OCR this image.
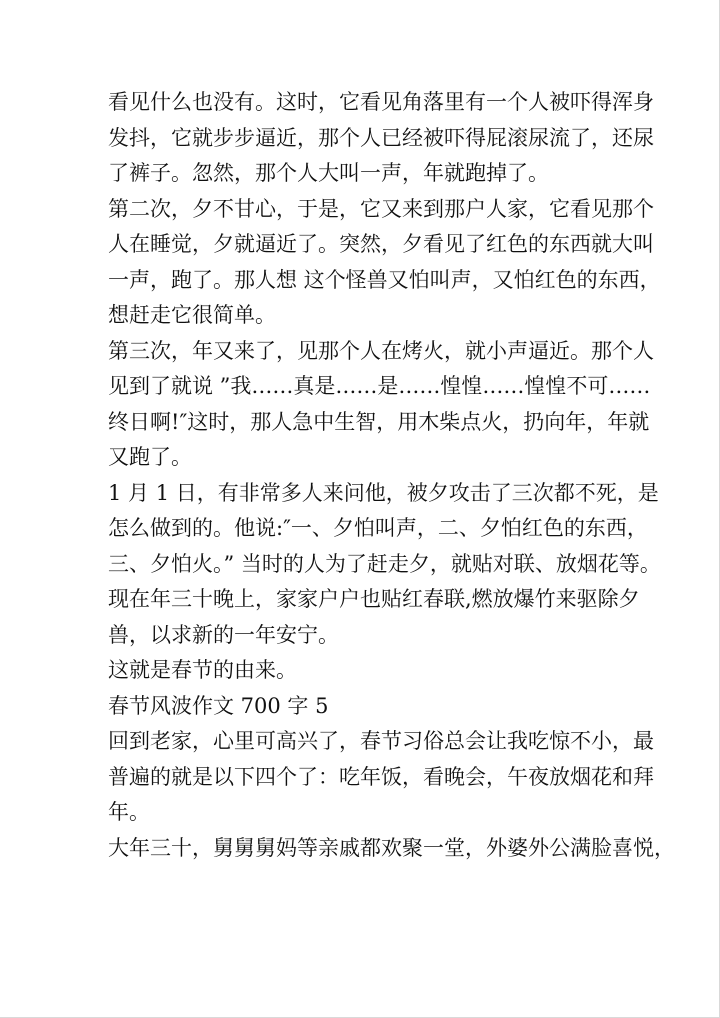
看见什么也没有。这时，它看见角落里有一个人被吓得浑身
发抖，它就步步逼近，那个人已经被吓得屁滚尿流了，还尿
了裤子。忽然，那个人大叫一声，年就跑掉了。
第二次，夕不甘心，于是，它又来到那户人家，它看见那个
人在睡觉，夕就逼近了。突然，夕看见了红色的东西就大叫
一声，跑了。那人想 这个怪兽又怕叫声，又怕红色的东西，
想赶走它很简单。
第三次，年又来了，见那个人在烤火，就小声逼近。那个人
见到了就说 ”我……真是……是……惶惶……惶惶不可……
终日啊!″这时，那人急中生智，用木柴点火，扔向年，年就
又跑了。
1 月 1 日，有非常多人来问他，被夕攻击了三次都不死，是
怎么做到的。他说:″一、夕怕叫声，二、夕怕红色的东西，
三、夕怕火。” 当时的人为了赶走夕，就贴对联、放烟花等。
现在年三十晚上，家家户户也贴红春联,燃放爆竹来驱除夕
兽，以求新的一年安宁。
这就是春节的由来。
春节风波作文 700 字 5
回到老家，心里可高兴了，春节习俗总会让我吃惊不小，最
普遍的就是以下四个了：吃年饭，看晚会，午夜放烟花和拜
年。
大年三十，舅舅舅妈等亲戚都欢聚一堂，外婆外公满脸喜悦，
